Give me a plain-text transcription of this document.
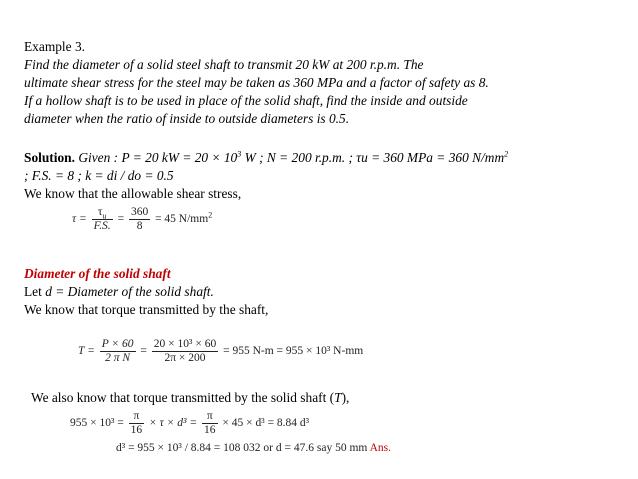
Example 3.
Find the diameter of a solid steel shaft to transmit 20 kW at 200 r.p.m. The
ultimate shear stress for the steel may be taken as 360 MPa and a factor of safety as 8.
If a hollow shaft is to be used in place of the solid shaft, find the inside and outside
diameter when the ratio of inside to outside diameters is 0.5.
Solution. Given : P = 20 kW = $20 \times 10^3$ W ; N = 200 r.p.m. ; τu = 360 MPa = 360 $N/mm^2$
; F.S. = 8 ; k = di / do = 0.5
We know that the allowable shear stress,
$\tau = \frac{\tau_u}{F.S.} = \frac{360}{8} = 45$ $N/mm^2$
Diameter of the solid shaft
Let d = Diameter of the solid shaft.
We know that torque transmitted by the shaft,
$T = \frac{P \times 60}{\text{2 π N}} = \frac{\text{20 × 10³ × 60}}{2\pi \times 200} = 955$ N-m = 955 × 10³ N-mm
We also know that torque transmitted by the solid shaft (T),
$955 \times 10^3 = \frac{\pi}{16} \times \tau \times d^3 = \frac{\pi}{16} \times 45 \times d^3 = 8.84$ d³
d³ = 955 × 10³ / 8.84 = 108 032 or d = 47.6 say 50 mm Ans.
